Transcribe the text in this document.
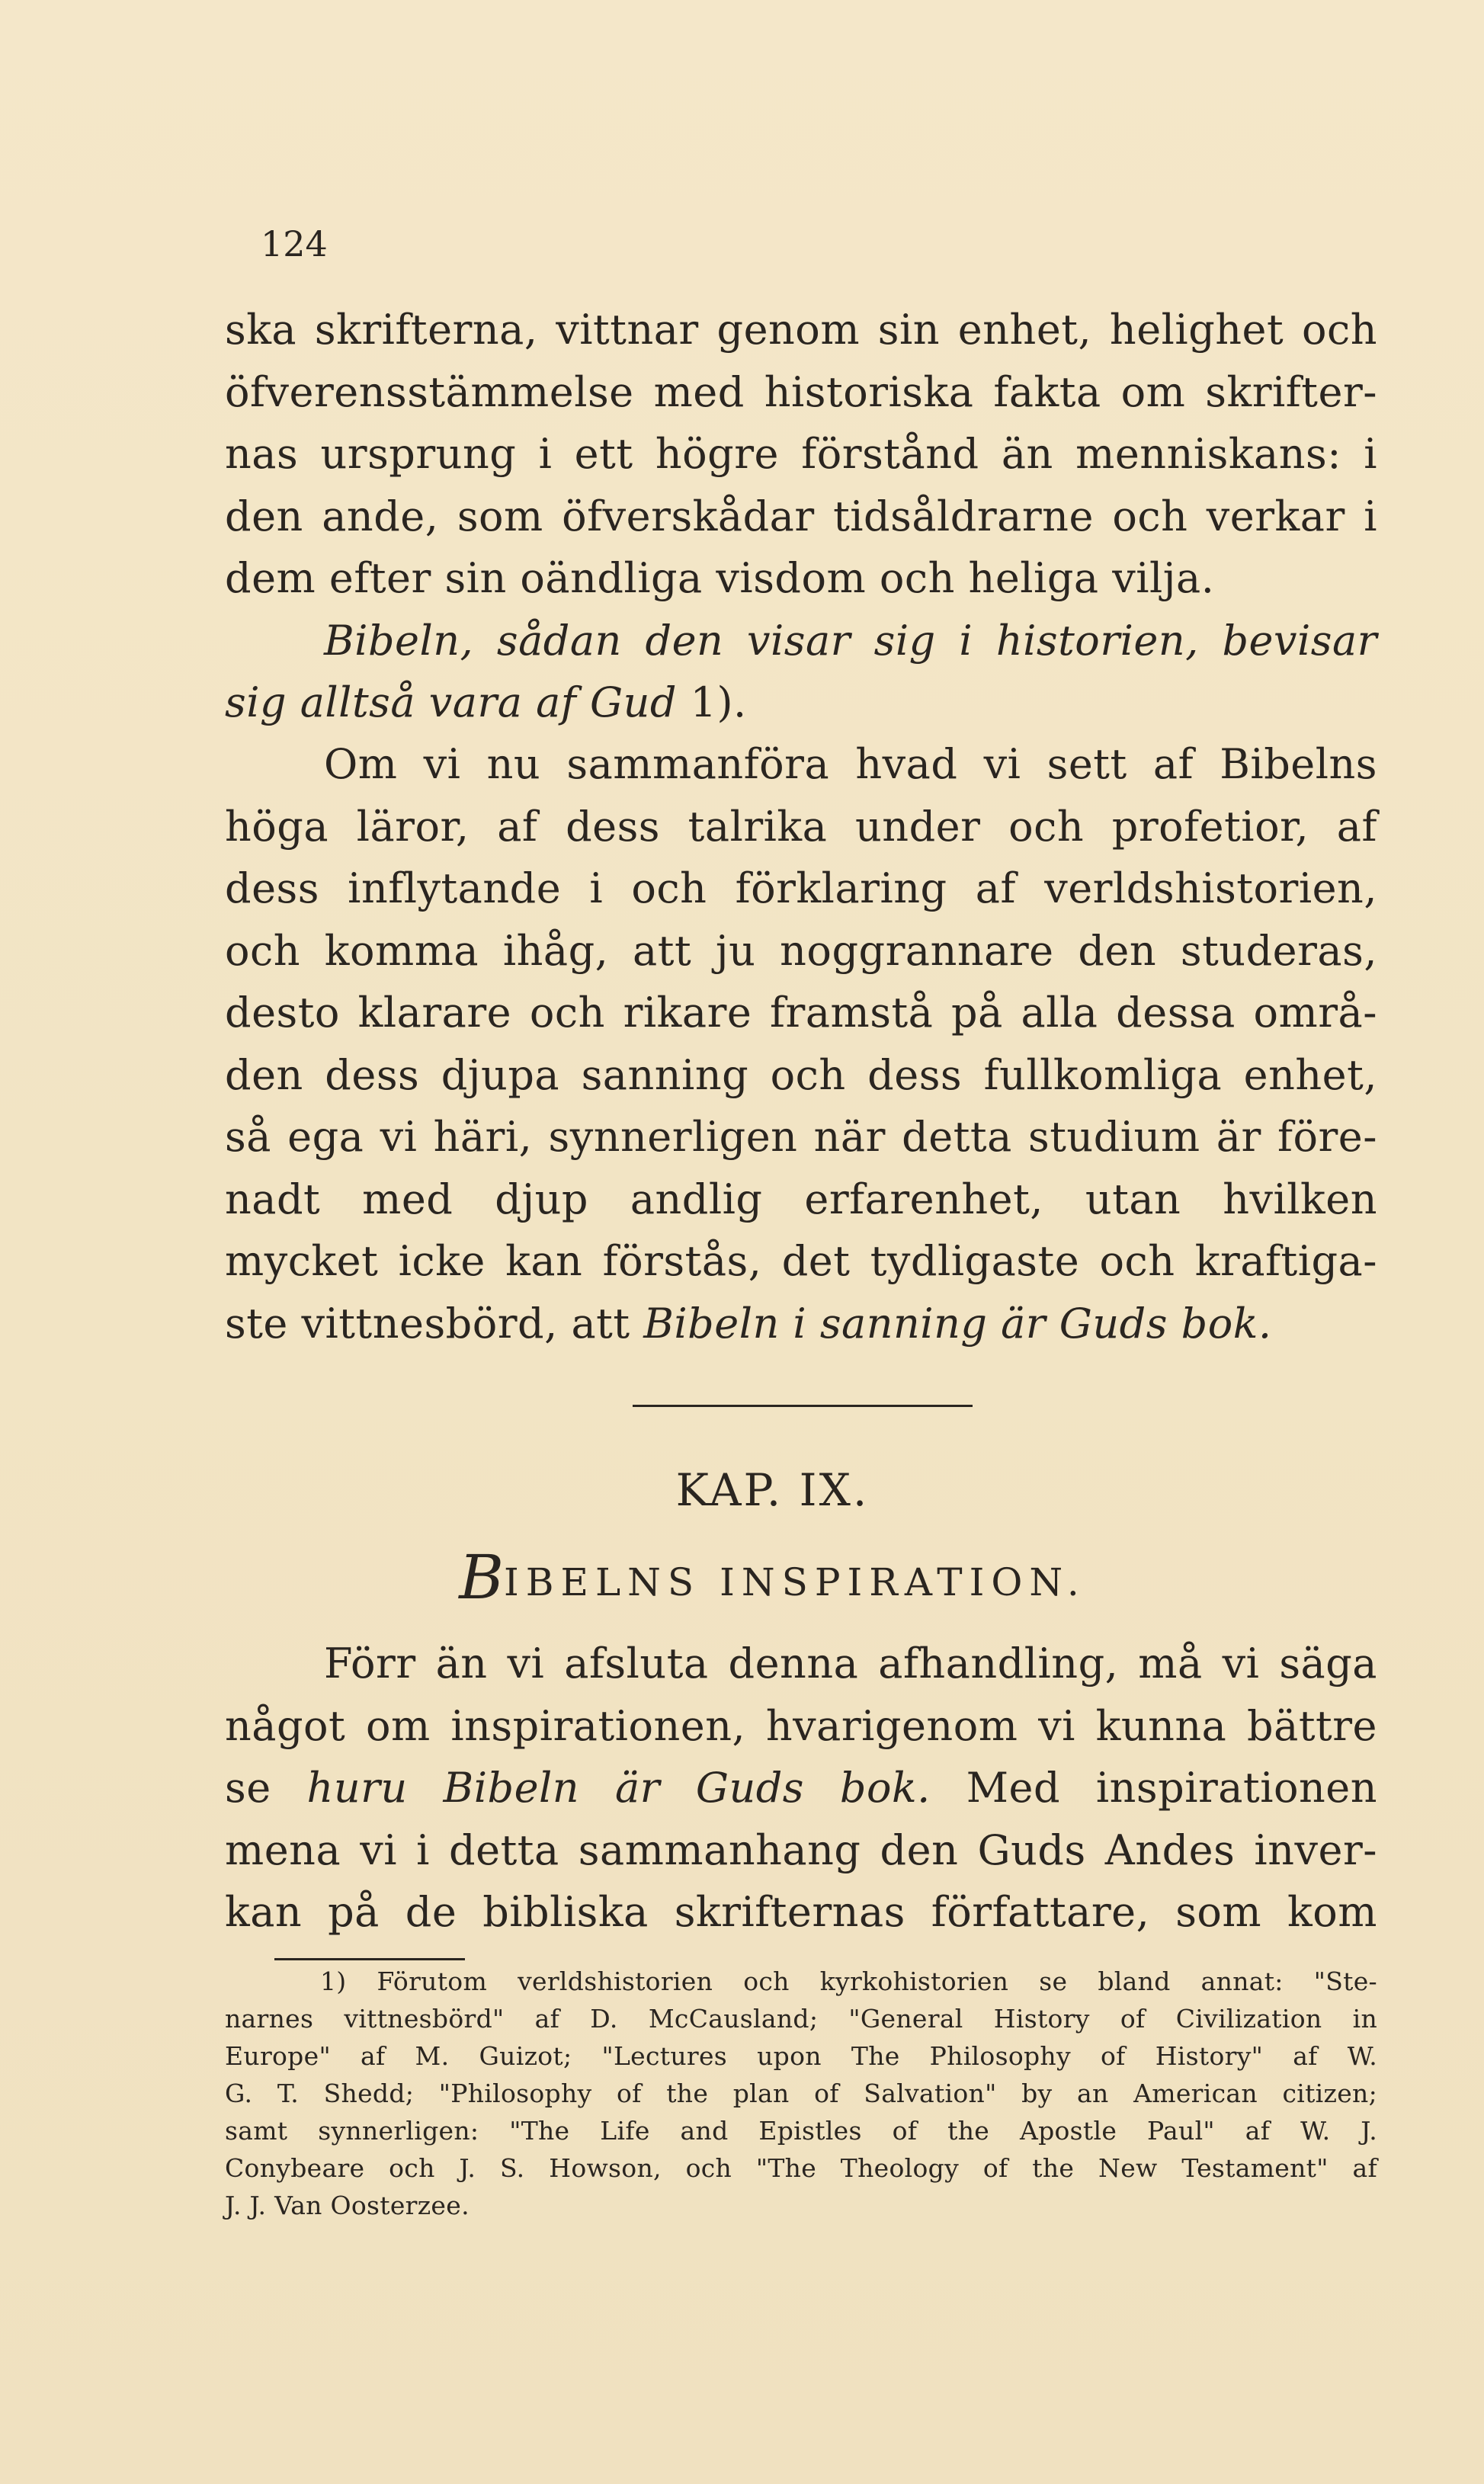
124
ska skrifterna, vittnar genom sin enhet, helighet och
öfverensstämmelse med historiska fakta om skrifter-
nas ursprung i ett högre förstånd än menniskans: i
den ande, som öfverskådar tidsåldrarne och verkar i
dem efter sin oändliga visdom och heliga vilja.
Bibeln, sådan den visar sig i historien, bevisar
sig alltså vara af Gud 1).
Om vi nu sammanföra hvad vi sett af Bibelns
höga läror, af dess talrika under och profetior, af
dess inflytande i och förklaring af verldshistorien,
och komma ihåg, att ju noggrannare den studeras,
desto klarare och rikare framstå på alla dessa områ-
den dess djupa sanning och dess fullkomliga enhet,
så ega vi häri, synnerligen när detta studium är före-
nadt med djup andlig erfarenhet, utan hvilken
mycket icke kan förstås, det tydligaste och kraftiga-
ste vittnesbörd, att Bibeln i sanning är Guds bok.
KAP. IX.
BIBELNS INSPIRATION.
Förr än vi afsluta denna afhandling, må vi säga
något om inspirationen, hvarigenom vi kunna bättre
se huru Bibeln är Guds bok. Med inspirationen
mena vi i detta sammanhang den Guds Andes inver-
kan på de bibliska skrifternas författare, som kom
1) Förutom verldshistorien och kyrkohistorien se bland annat: "Ste-
narnes vittnesbörd" af D. McCausland; "General History of Civilization in
Europe" af M. Guizot; "Lectures upon The Philosophy of History" af W.
G. T. Shedd; "Philosophy of the plan of Salvation" by an American citizen;
samt synnerligen: "The Life and Epistles of the Apostle Paul" af W. J.
Conybeare och J. S. Howson, och "The Theology of the New Testament" af
J. J. Van Oosterzee.
